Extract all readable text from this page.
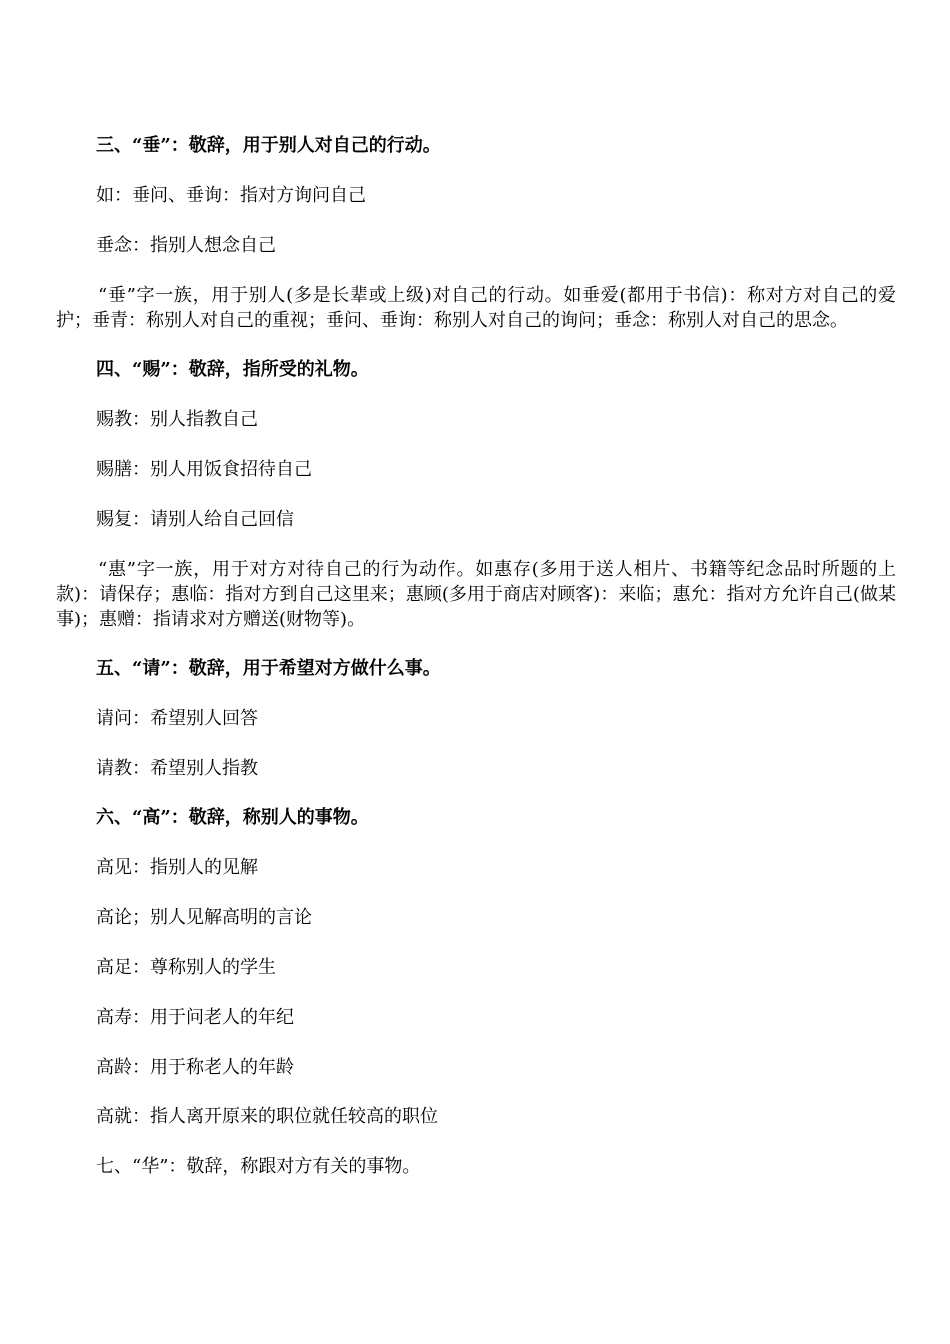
三、“垂”：敬辞，用于别人对自己的行动。
如：垂问、垂询：指对方询问自己
垂念：指别人想念自己
“垂”字一族，用于别人(多是长辈或上级)对自己的行动。如垂爱(都用于书信)：称对方对自己的爱护；垂青：称别人对自己的重视；垂问、垂询：称别人对自己的询问；垂念：称别人对自己的思念。
四、“赐”：敬辞，指所受的礼物。
赐教：别人指教自己
赐膳：别人用饭食招待自己
赐复：请别人给自己回信
“惠”字一族，用于对方对待自己的行为动作。如惠存(多用于送人相片、书籍等纪念品时所题的上款)：请保存；惠临：指对方到自己这里来；惠顾(多用于商店对顾客)：来临；惠允：指对方允许自己(做某事)；惠赠：指请求对方赠送(财物等)。
五、“请”：敬辞，用于希望对方做什么事。
请问：希望别人回答
请教：希望别人指教
六、“高”：敬辞，称别人的事物。
高见：指别人的见解
高论；别人见解高明的言论
高足：尊称别人的学生
高寿：用于问老人的年纪
高龄：用于称老人的年龄
高就：指人离开原来的职位就任较高的职位
七、“华”：敬辞，称跟对方有关的事物。
